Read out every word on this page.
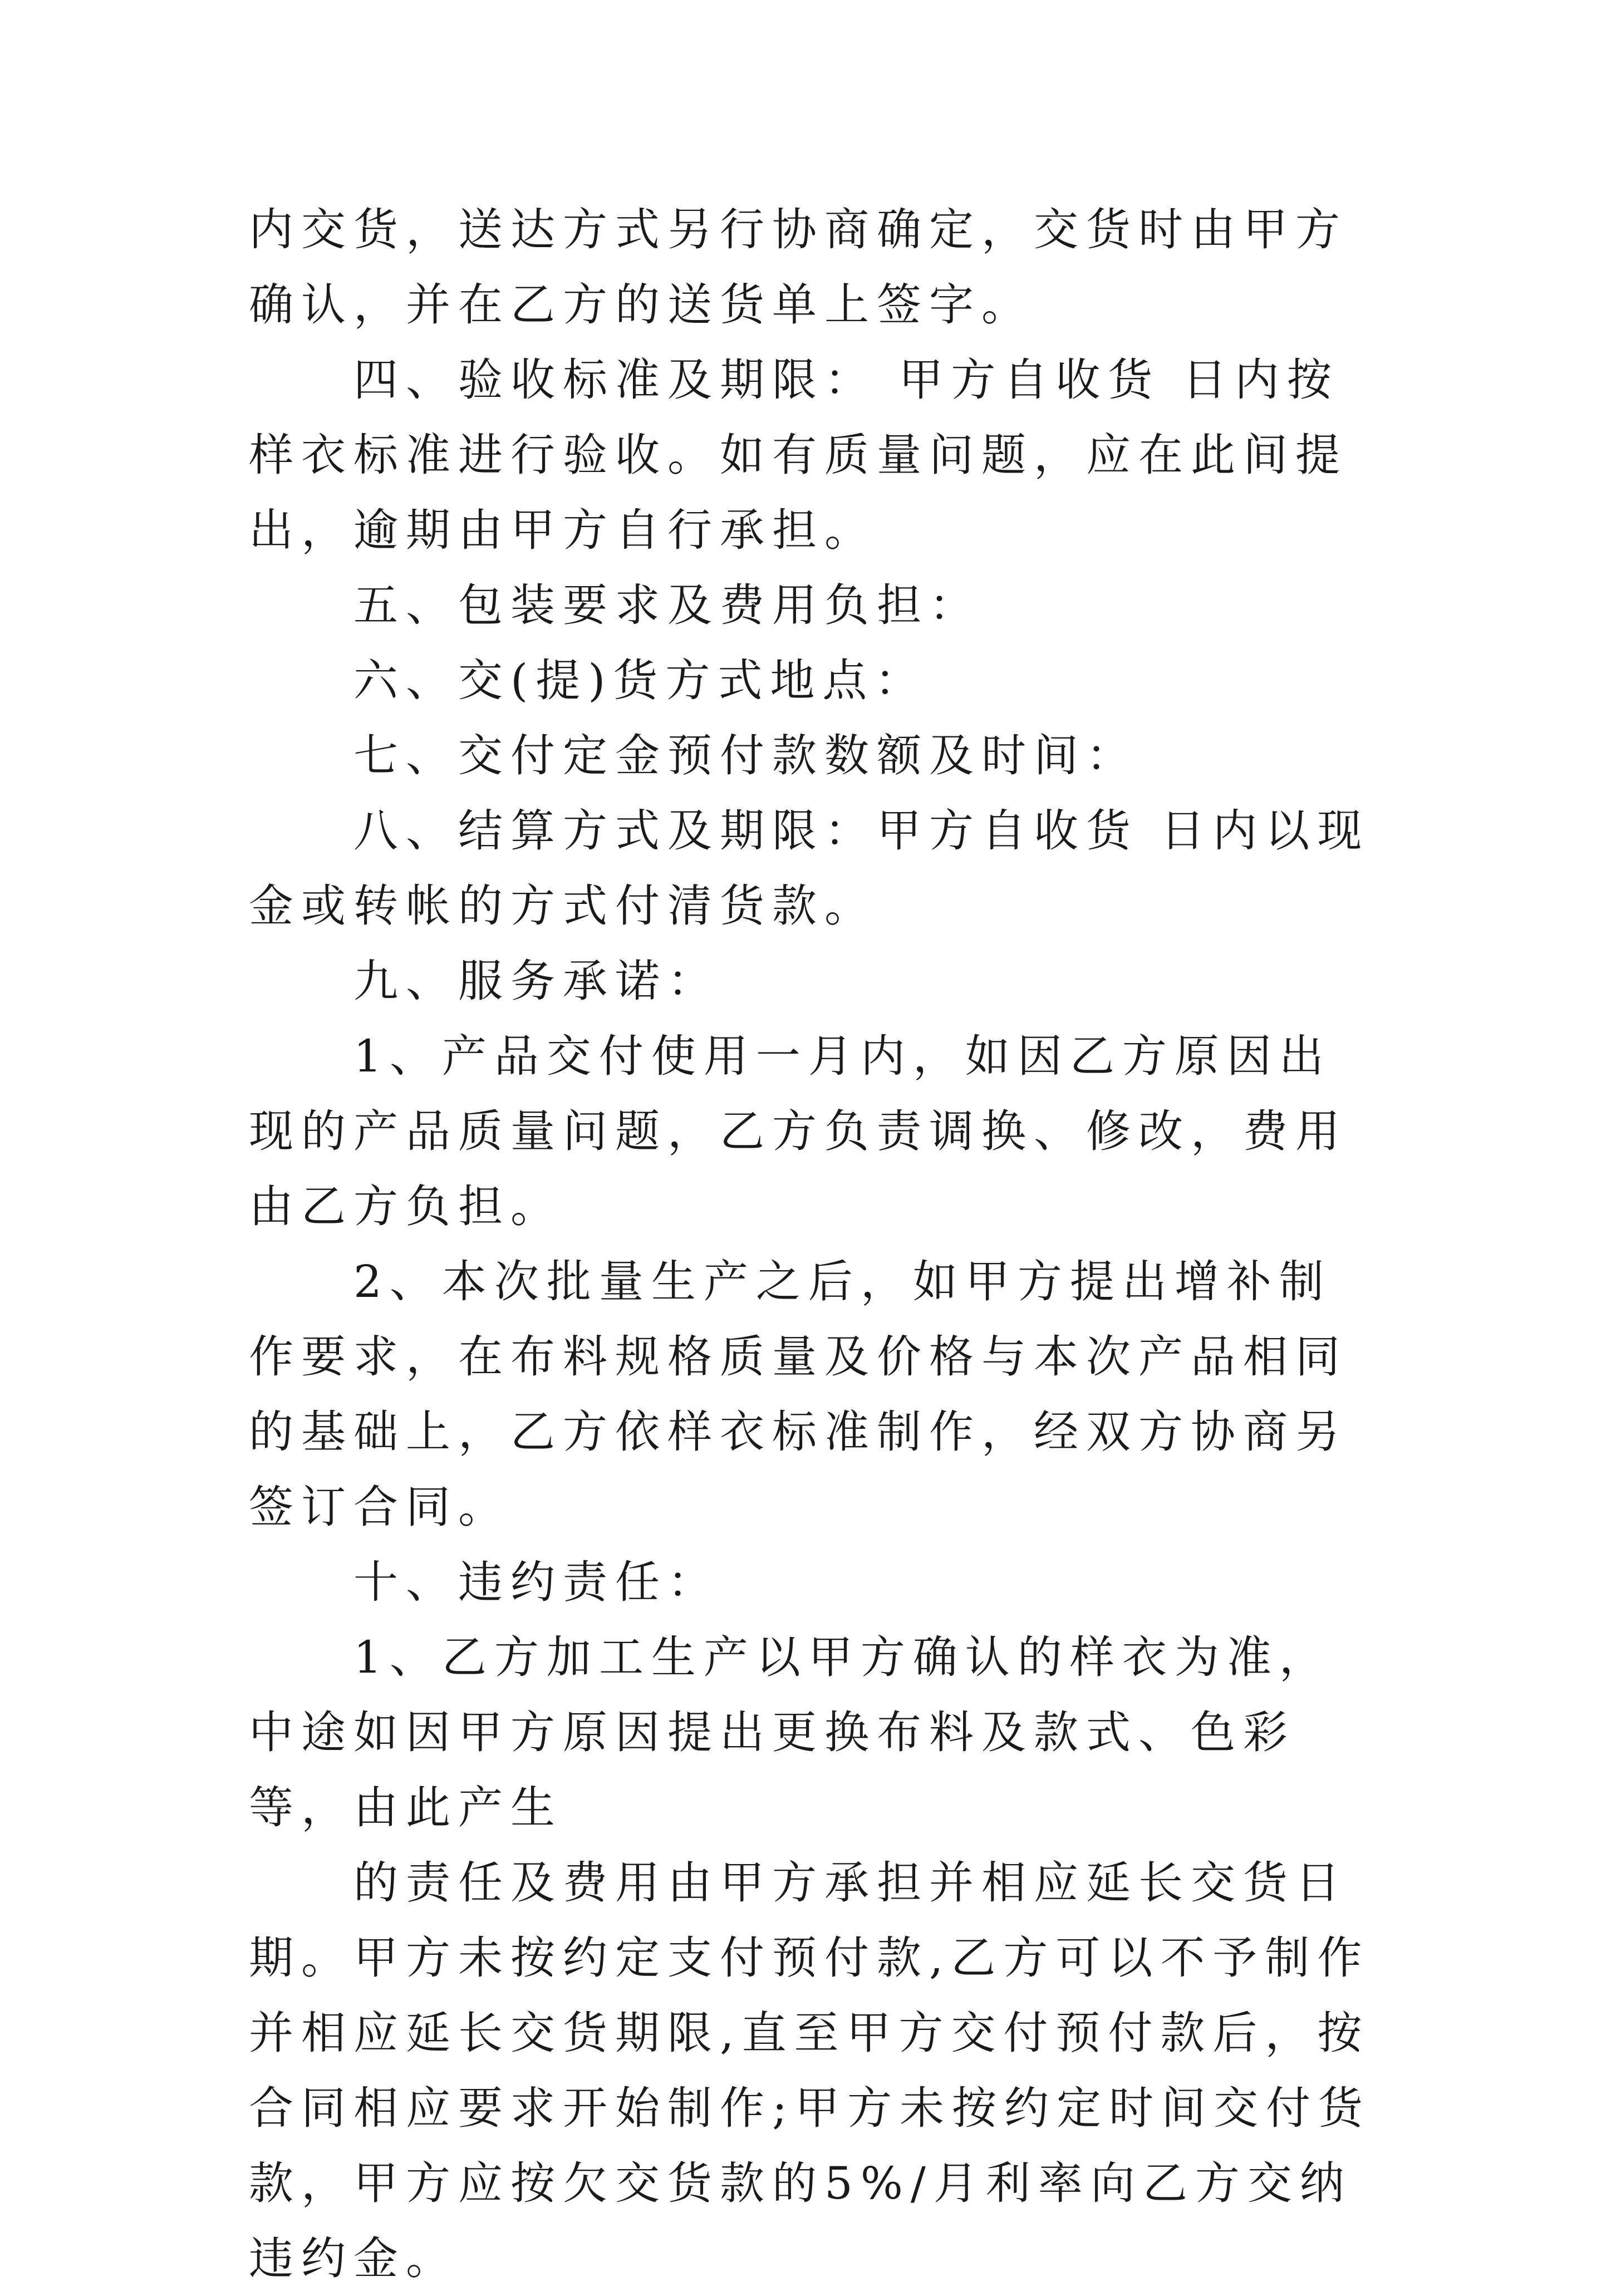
内交货，送达方式另行协商确定，交货时由甲方确认，并在乙方的送货单上签字。

四、验收标准及期限： 甲方自收货 日内按样衣标准进行验收。如有质量问题，应在此间提出，逾期由甲方自行承担。

五、包装要求及费用负担：

六、交(提)货方式地点：

七、交付定金预付款数额及时间：

八、结算方式及期限：甲方自收货 日内以现金或转帐的方式付清货款。

九、服务承诺：

1、产品交付使用一月内，如因乙方原因出现的产品质量问题，乙方负责调换、修改，费用由乙方负担。

2、本次批量生产之后，如甲方提出增补制作要求，在布料规格质量及价格与本次产品相同的基础上，乙方依样衣标准制作，经双方协商另签订合同。

十、违约责任：

1、乙方加工生产以甲方确认的样衣为准，中途如因甲方原因提出更换布料及款式、色彩等，由此产生

的责任及费用由甲方承担并相应延长交货日期。甲方未按约定支付预付款,乙方可以不予制作并相应延长交货期限,直至甲方交付预付款后，按合同相应要求开始制作;甲方未按约定时间交付货款，甲方应按欠交货款的5%/月利率向乙方交纳违约金。
